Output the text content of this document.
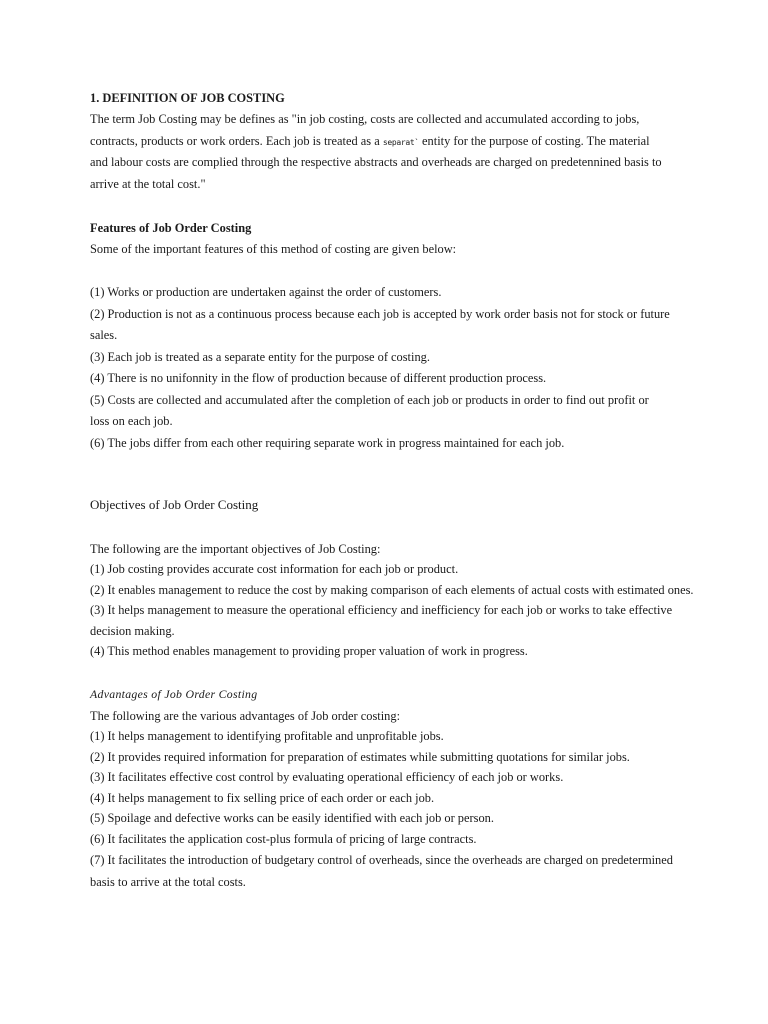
1. DEFINITION OF JOB COSTING
The term Job Costing may be defines as "in job costing, costs are collected and accumulated according to jobs,
contracts, products or work orders. Each job is treated as a separat` entity for the purpose of costing. The material
and labour costs are complied through the respective abstracts and overheads are charged on predetennined basis to
arrive at the total cost."
Features of Job Order Costing
Some of the important features of this method of costing are given below:
(1) Works or production are undertaken against the order of customers.
(2) Production is not as a continuous process because each job is accepted by work order basis not for stock or future
sales.
(3) Each job is treated as a separate entity for the purpose of costing.
(4) There is no unifonnity in the flow of production because of different production process.
(5) Costs are collected and accumulated after the completion of each job or products in order to find out profit or
loss on each job.
(6) The jobs differ from each other requiring separate work in progress maintained for each job.
Objectives of Job Order Costing
The following are the important objectives of Job Costing:
(1) Job costing provides accurate cost information for each job or product.
(2) It enables management to reduce the cost by making comparison of each elements of actual costs with estimated ones.
(3) It helps management to measure the operational efficiency and inefficiency for each job or works to take effective
decision making.
(4) This method enables management to providing proper valuation of work in progress.
Advantages of Job Order Costing
The following are the various advantages of Job order costing:
(1) It helps management to identifying profitable and unprofitable jobs.
(2) It provides required information for preparation of estimates while submitting quotations for similar jobs.
(3) It facilitates effective cost control by evaluating operational efficiency of each job or works.
(4) It helps management to fix selling price of each order or each job.
(5) Spoilage and defective works can be easily identified with each job or person.
(6) It facilitates the application cost-plus formula of pricing of large contracts.
(7) It facilitates the introduction of budgetary control of overheads, since the overheads are charged on predetermined
basis to arrive at the total costs.
